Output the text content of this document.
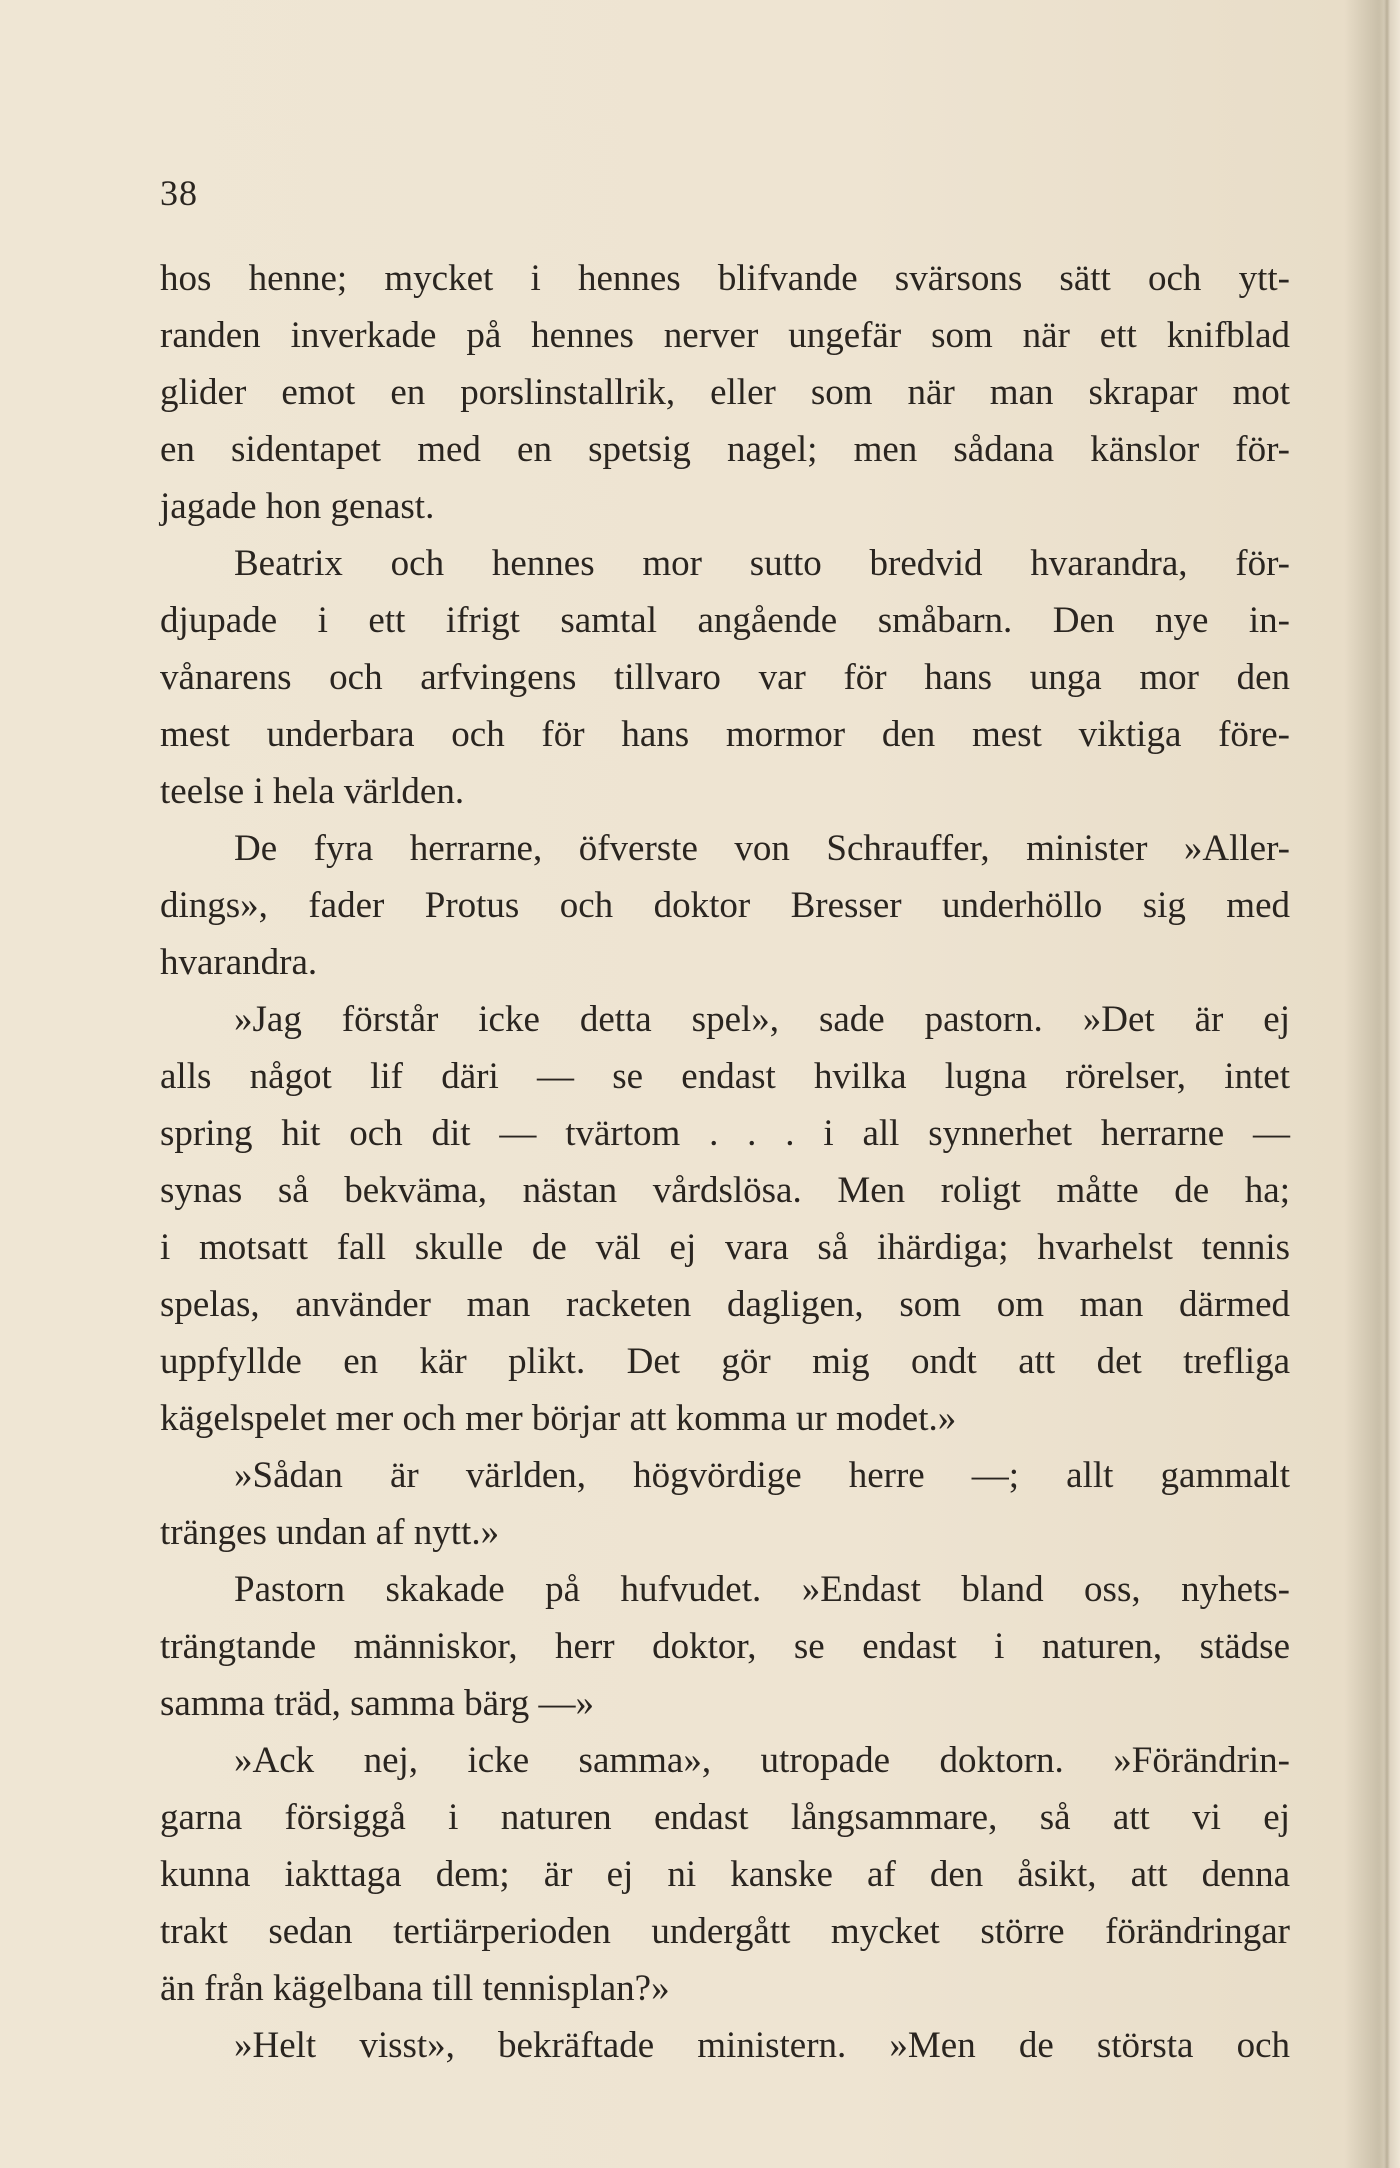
38
hos henne; mycket i hennes blifvande svärsons sätt och ytt-
randen inverkade på hennes nerver ungefär som när ett knifblad
glider emot en porslinstallrik, eller som när man skrapar mot
en sidentapet med en spetsig nagel; men sådana känslor för-
jagade hon genast.
  Beatrix och hennes mor sutto bredvid hvarandra, för-
djupade i ett ifrigt samtal angående småbarn. Den nye in-
vånarens och arfvingens tillvaro var för hans unga mor den
mest underbara och för hans mormor den mest viktiga före-
teelse i hela världen.
  De fyra herrarne, öfverste von Schrauffer, minister »Aller-
dings», fader Protus och doktor Bresser underhöllo sig med
hvarandra.
  »Jag förstår icke detta spel», sade pastorn. »Det är ej
alls något lif däri — se endast hvilka lugna rörelser, intet
spring hit och dit — tvärtom . . . i all synnerhet herrarne —
synas så bekväma, nästan vårdslösa. Men roligt måtte de ha;
i motsatt fall skulle de väl ej vara så ihärdiga; hvarhelst tennis
spelas, använder man racketen dagligen, som om man därmed
uppfyllde en kär plikt. Det gör mig ondt att det trefliga
kägelspelet mer och mer börjar att komma ur modet.»
  »Sådan är världen, högvördige herre —; allt gammalt
tränges undan af nytt.»
  Pastorn skakade på hufvudet. »Endast bland oss, nyhets-
trängtande människor, herr doktor, se endast i naturen, städse
samma träd, samma bärg —»
  »Ack nej, icke samma», utropade doktorn. »Förändrin-
garna försiggå i naturen endast långsammare, så att vi ej
kunna iakttaga dem; är ej ni kanske af den åsikt, att denna
trakt sedan tertiärperioden undergått mycket större förändringar
än från kägelbana till tennisplan?»
  »Helt visst», bekräftade ministern. »Men de största och
